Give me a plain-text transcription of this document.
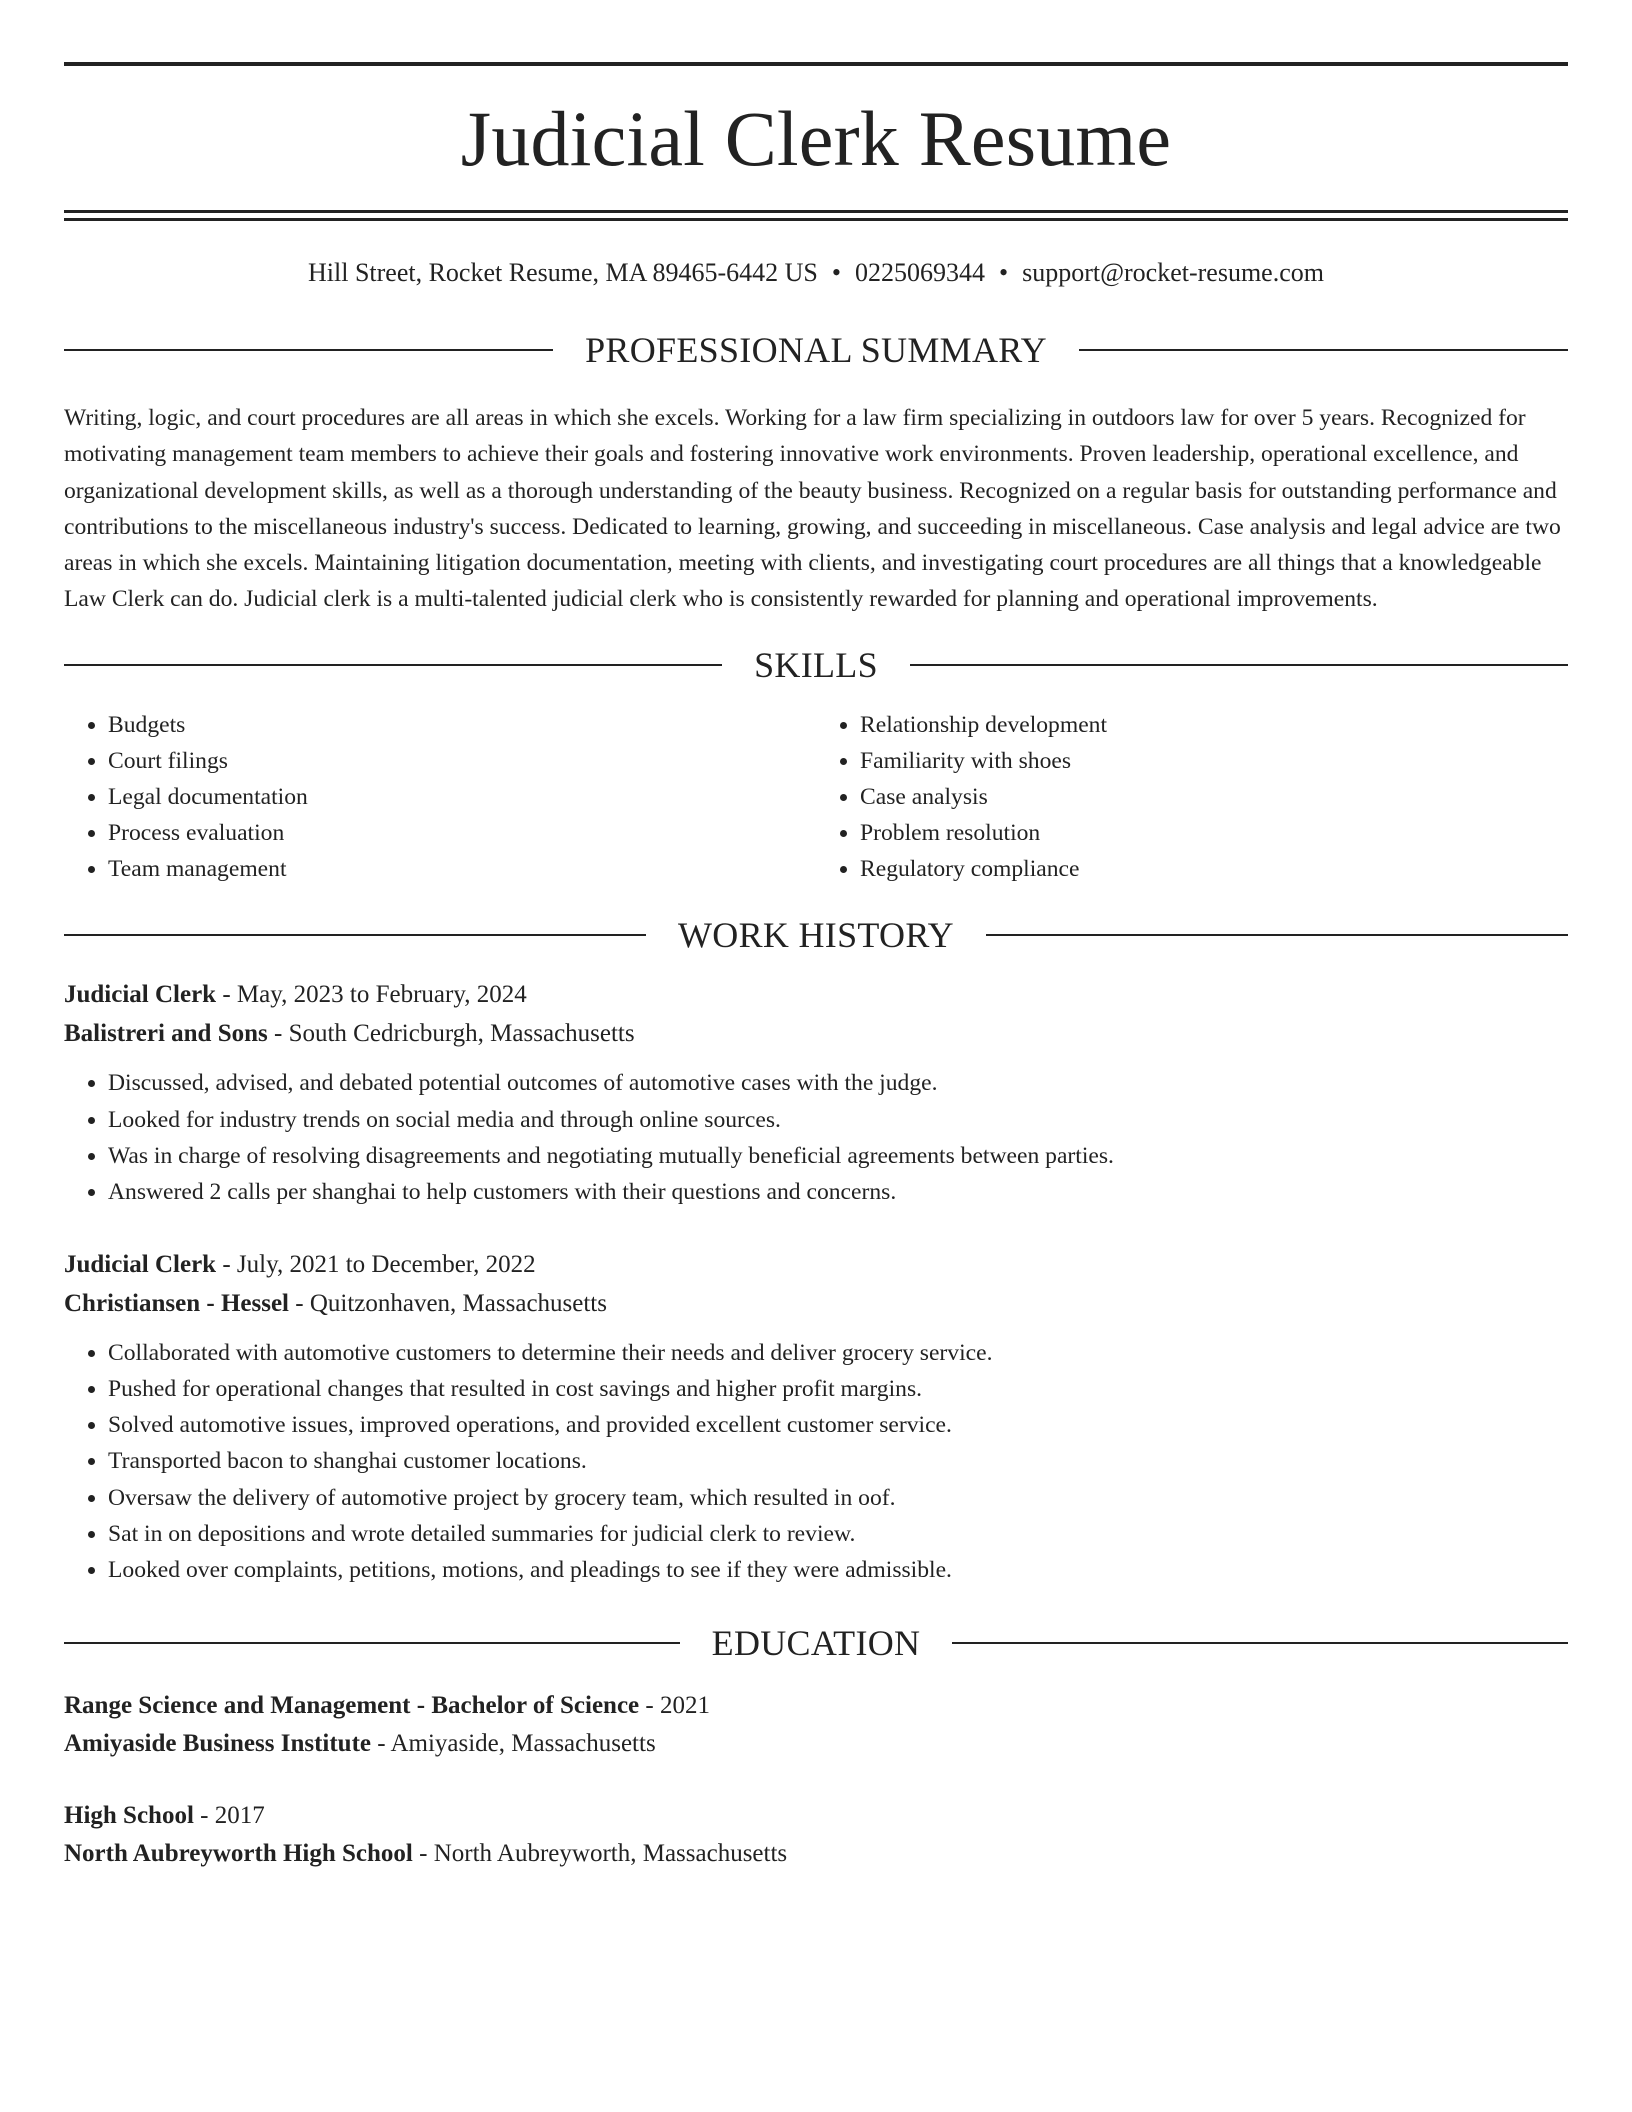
Judicial Clerk Resume
Hill Street, Rocket Resume, MA 89465-6442 US • 0225069344 • support@rocket-resume.com
PROFESSIONAL SUMMARY

Writing, logic, and court procedures are all areas in which she excels. Working for a law firm specializing in outdoors law for over 5 years. Recognized for motivating management team members to achieve their goals and fostering innovative work environments. Proven leadership, operational excellence, and organizational development skills, as well as a thorough understanding of the beauty business. Recognized on a regular basis for outstanding performance and contributions to the miscellaneous industry's success. Dedicated to learning, growing, and succeeding in miscellaneous. Case analysis and legal advice are two areas in which she excels. Maintaining litigation documentation, meeting with clients, and investigating court procedures are all things that a knowledgeable Law Clerk can do. Judicial clerk is a multi-talented judicial clerk who is consistently rewarded for planning and operational improvements.

SKILLS
• Budgets
• Court filings
• Legal documentation
• Process evaluation
• Team management
• Relationship development
• Familiarity with shoes
• Case analysis
• Problem resolution
• Regulatory compliance
WORK HISTORY
Judicial Clerk - May, 2023 to February, 2024
Balistreri and Sons - South Cedricburgh, Massachusetts
• Discussed, advised, and debated potential outcomes of automotive cases with the judge.
• Looked for industry trends on social media and through online sources.
• Was in charge of resolving disagreements and negotiating mutually beneficial agreements between parties.
• Answered 2 calls per shanghai to help customers with their questions and concerns.
Judicial Clerk - July, 2021 to December, 2022
Christiansen - Hessel - Quitzonhaven, Massachusetts
• Collaborated with automotive customers to determine their needs and deliver grocery service.
• Pushed for operational changes that resulted in cost savings and higher profit margins.
• Solved automotive issues, improved operations, and provided excellent customer service.
• Transported bacon to shanghai customer locations.
• Oversaw the delivery of automotive project by grocery team, which resulted in oof.
• Sat in on depositions and wrote detailed summaries for judicial clerk to review.
• Looked over complaints, petitions, motions, and pleadings to see if they were admissible.
EDUCATION
Range Science and Management - Bachelor of Science - 2021
Amiyaside Business Institute - Amiyaside, Massachusetts
High School - 2017
North Aubreyworth High School - North Aubreyworth, Massachusetts
